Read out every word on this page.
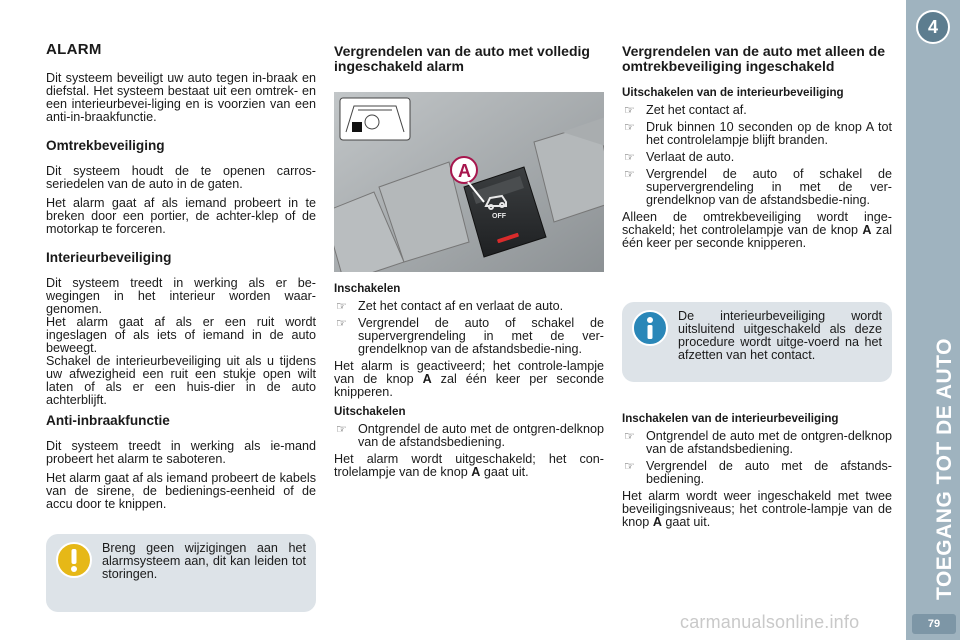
4
TOEGANG TOT DE AUTO
79
ALARM

Dit systeem beveiligt uw auto tegen in-braak en diefstal. Het systeem bestaat uit een omtrek- en een interieurbevei-liging en is voorzien van een anti-in-braakfunctie.

Omtrekbeveiliging

Dit systeem houdt de te openen carros-seriedelen van de auto in de gaten.

Het alarm gaat af als iemand probeert in te breken door een portier, de achter-klep of de motorkap te forceren.

Interieurbeveiliging

Dit systeem treedt in werking als er be-wegingen in het interieur worden waar-genomen.

Het alarm gaat af als er een ruit wordt ingeslagen of als iets of iemand in de auto beweegt.

Schakel de interieurbeveiliging uit als u tijdens uw afwezigheid een ruit een stukje open wilt laten of als er een huis-dier in de auto achterblijft.

Anti-inbraakfunctie

Dit systeem treedt in werking als ie-mand probeert het alarm te saboteren.

Het alarm gaat af als iemand probeert de kabels van de sirene, de bedienings-eenheid of de accu door te knippen.

Breng geen wijzigingen aan het alarmsysteem aan, dit kan leiden tot storingen.
Vergrendelen van de auto met volledig ingeschakeld alarm
OFF
A
Inschakelen
☞ Zet het contact af en verlaat de auto.
☞ Vergrendel de auto of schakel de supervergrendeling in met de ver-grendelknop van de afstandsbedie-ning.

Het alarm is geactiveerd; het controle-lampje van de knop A zal één keer per seconde knipperen.

Uitschakelen
☞ Ontgrendel de auto met de ontgren-delknop van de afstandsbediening.

Het alarm wordt uitgeschakeld; het con-trolelampje van de knop A gaat uit.

Vergrendelen van de auto met alleen de omtrekbeveiliging ingeschakeld
Uitschakelen van de interieurbeveiliging
☞ Zet het contact af.
☞ Druk binnen 10 seconden op de knop A tot het controlelampje blijft branden.
☞ Verlaat de auto.
☞ Vergrendel de auto of schakel de supervergrendeling in met de ver-grendelknop van de afstandsbedie-ning.

Alleen de omtrekbeveiliging wordt inge-schakeld; het controlelampje van de knop A zal één keer per seconde knipperen.

De interieurbeveiliging wordt uitsluitend uitgeschakeld als deze procedure wordt uitge-voerd na het afzetten van het contact.
Inschakelen van de interieurbeveiliging
☞ Ontgrendel de auto met de ontgren-delknop van de afstandsbediening.
☞ Vergrendel de auto met de afstands-bediening.

Het alarm wordt weer ingeschakeld met twee beveiligingsniveaus; het controle-lampje van de knop A gaat uit.

carmanualsonline.info
